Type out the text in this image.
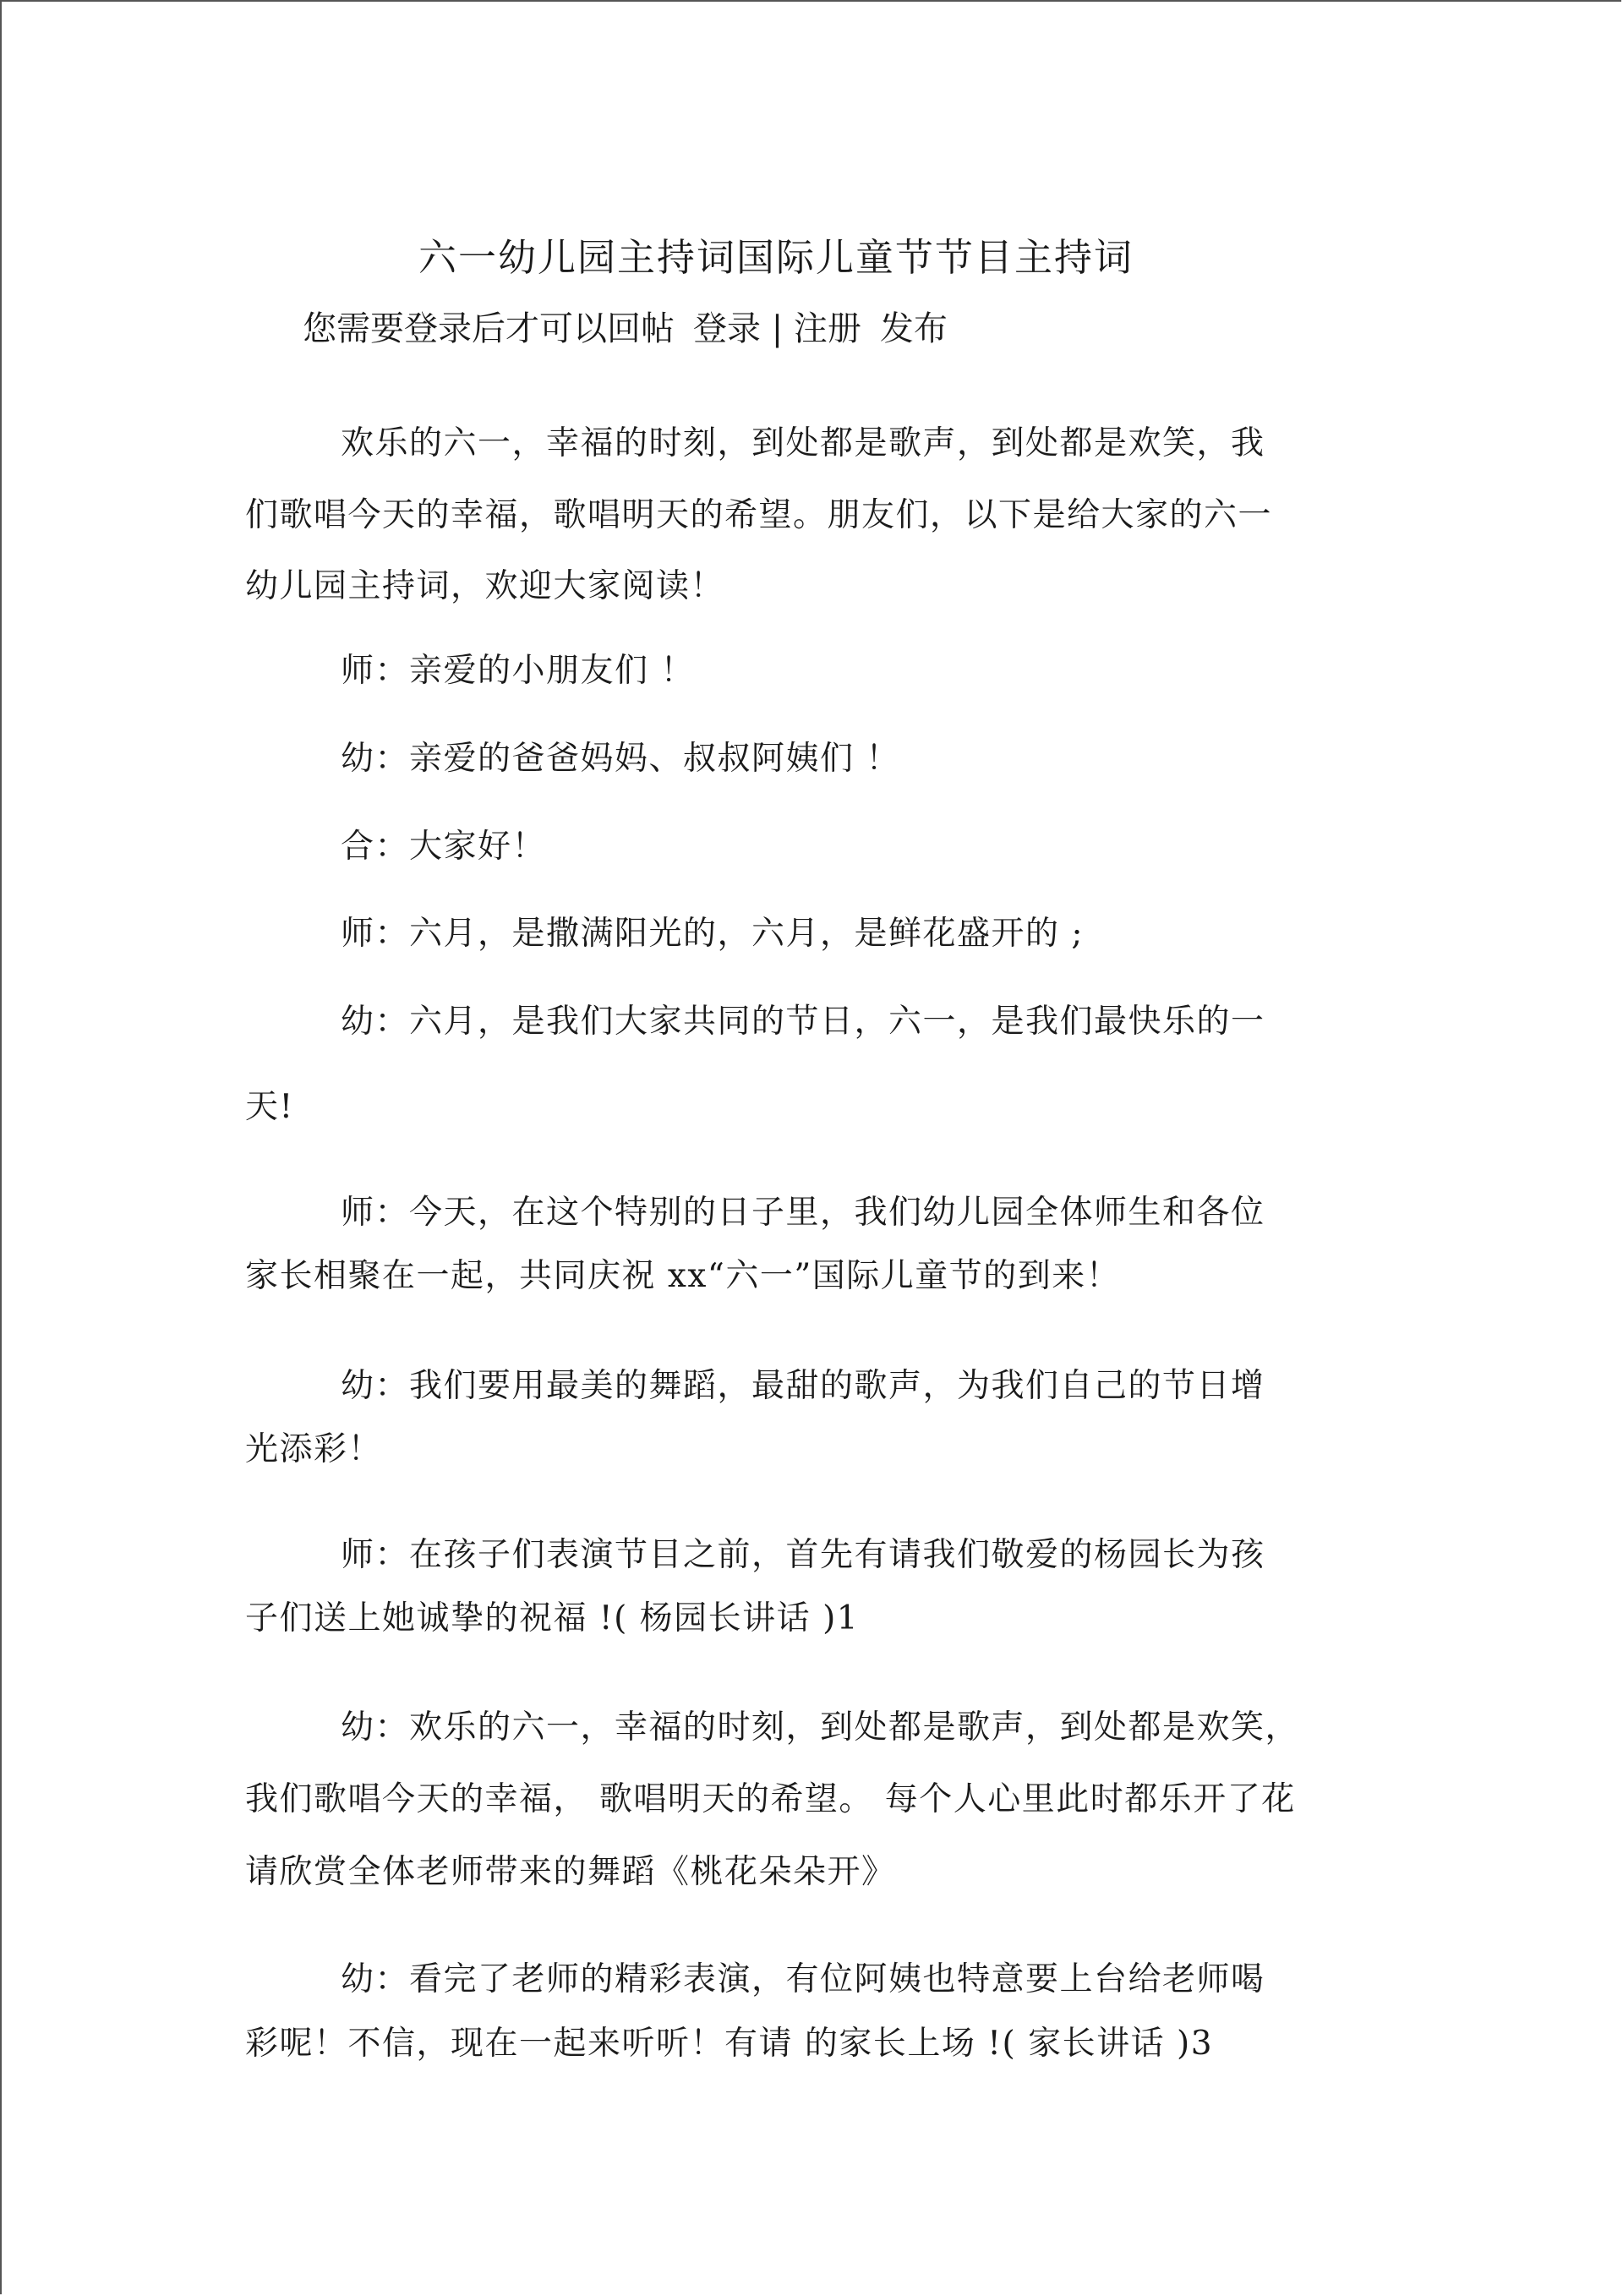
六一幼儿园主持词国际儿童节节目主持词
您需要登录后才可以回帖 登录 | 注册 发布
欢乐的六一，幸福的时刻，到处都是歌声，到处都是欢笑，我
们歌唱今天的幸福，歌唱明天的希望。朋友们，以下是给大家的六一
幼儿园主持词，欢迎大家阅读！
师：亲爱的小朋友们 ！
幼：亲爱的爸爸妈妈、叔叔阿姨们 ！
合：大家好！
师：六月，是撒满阳光的，六月，是鲜花盛开的 ;
幼：六月，是我们大家共同的节日，六一，是我们最快乐的一
天!
师：今天，在这个特别的日子里，我们幼儿园全体师生和各位
家长相聚在一起，共同庆祝 xx“六一”国际儿童节的到来！
幼：我们要用最美的舞蹈，最甜的歌声，为我们自己的节日增
光添彩！
师：在孩子们表演节目之前，首先有请我们敬爱的杨园长为孩
子们送上她诚挚的祝福 !( 杨园长讲话 )1
幼：欢乐的六一，幸福的时刻，到处都是歌声，到处都是欢笑，
我们歌唱今天的幸福， 歌唱明天的希望。 每个人心里此时都乐开了花
请欣赏全体老师带来的舞蹈《桃花朵朵开》
幼：看完了老师的精彩表演，有位阿姨也特意要上台给老师喝
彩呢！不信，现在一起来听听！有请 的家长上场 !( 家长讲话 )3
